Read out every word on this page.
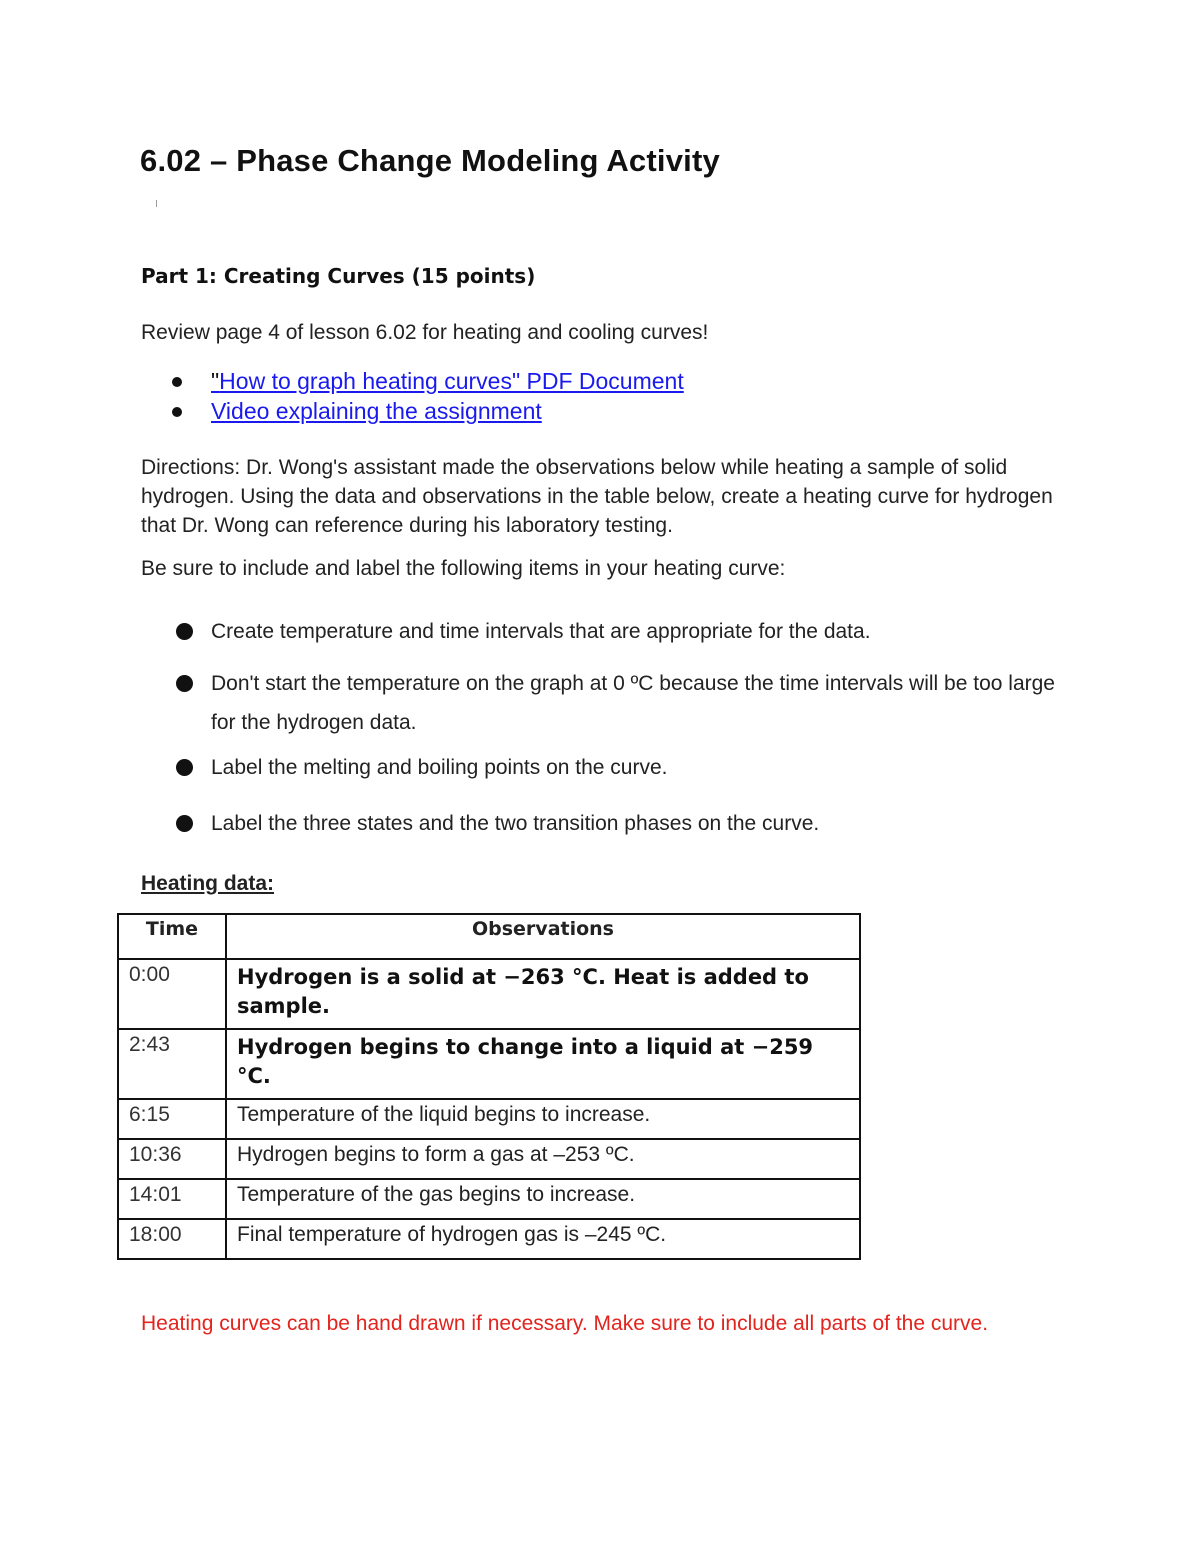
6.02 – Phase Change Modeling Activity
Part 1: Creating Curves (15 points)

Review page 4 of lesson 6.02 for heating and cooling curves!

"How to graph heating curves" PDF Document
Video explaining the assignment

Directions: Dr. Wong's assistant made the observations below while heating a sample of solid hydrogen. Using the data and observations in the table below, create a heating curve for hydrogen that Dr. Wong can reference during his laboratory testing.

Be sure to include and label the following items in your heating curve:

Create temperature and time intervals that are appropriate for the data.
Don't start the temperature on the graph at 0 ºC because the time intervals will be too large for the hydrogen data.
Label the melting and boiling points on the curve.
Label the three states and the two transition phases on the curve.

Heating data:

Time	Observations
0:00	Hydrogen is a solid at −263 °C. Heat is added to sample.
2:43	Hydrogen begins to change into a liquid at −259 °C.
6:15	Temperature of the liquid begins to increase.
10:36	Hydrogen begins to form a gas at –253 ºC.
14:01	Temperature of the gas begins to increase.
18:00	Final temperature of hydrogen gas is –245 ºC.

Heating curves can be hand drawn if necessary. Make sure to include all parts of the curve.
